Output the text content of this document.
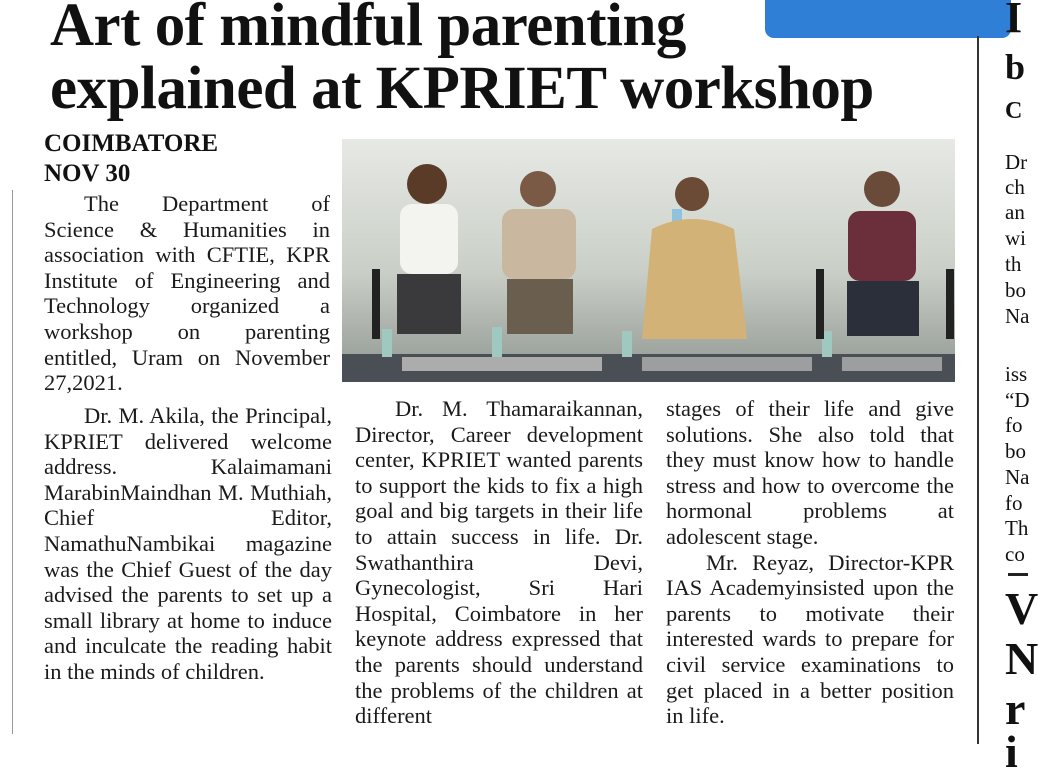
Art of mindful parenting
explained at KPRIET workshop
COIMBATORE
NOV 30

The Department of Science & Humanities in association with CFTIE, KPR Institute of Engineering and Technology organized a workshop on parenting entitled, Uram on November 27,2021.

Dr. M. Akila, the Principal, KPRIET delivered welcome address. Kalaimamani MarabinMaindhan M. Muthiah, Chief Editor, NamathuNambikai magazine was the Chief Guest of the day advised the parents to set up a small library at home to induce and inculcate the reading habit in the minds of children.

Dr. M. Thamaraikannan, Director, Career development center, KPRIET wanted parents to support the kids to fix a high goal and big targets in their life to attain success in life. Dr. Swathanthira Devi, Gynecologist, Sri Hari Hospital, Coimbatore in her keynote address expressed that the parents should understand the problems of the children at different

stages of their life and give solutions. She also told that they must know how to handle stress and how to overcome the hormonal problems at adolescent stage.

Mr. Reyaz, Director-KPR IAS Academyinsisted upon the parents to motivate their interested wards to prepare for civil service examinations to get placed in a better position in life.

I
b
C
Dr
ch
an
wi
th
bo
Na
iss
“D
fo
bo
Na
fo
Th
co
V
N
r
i
